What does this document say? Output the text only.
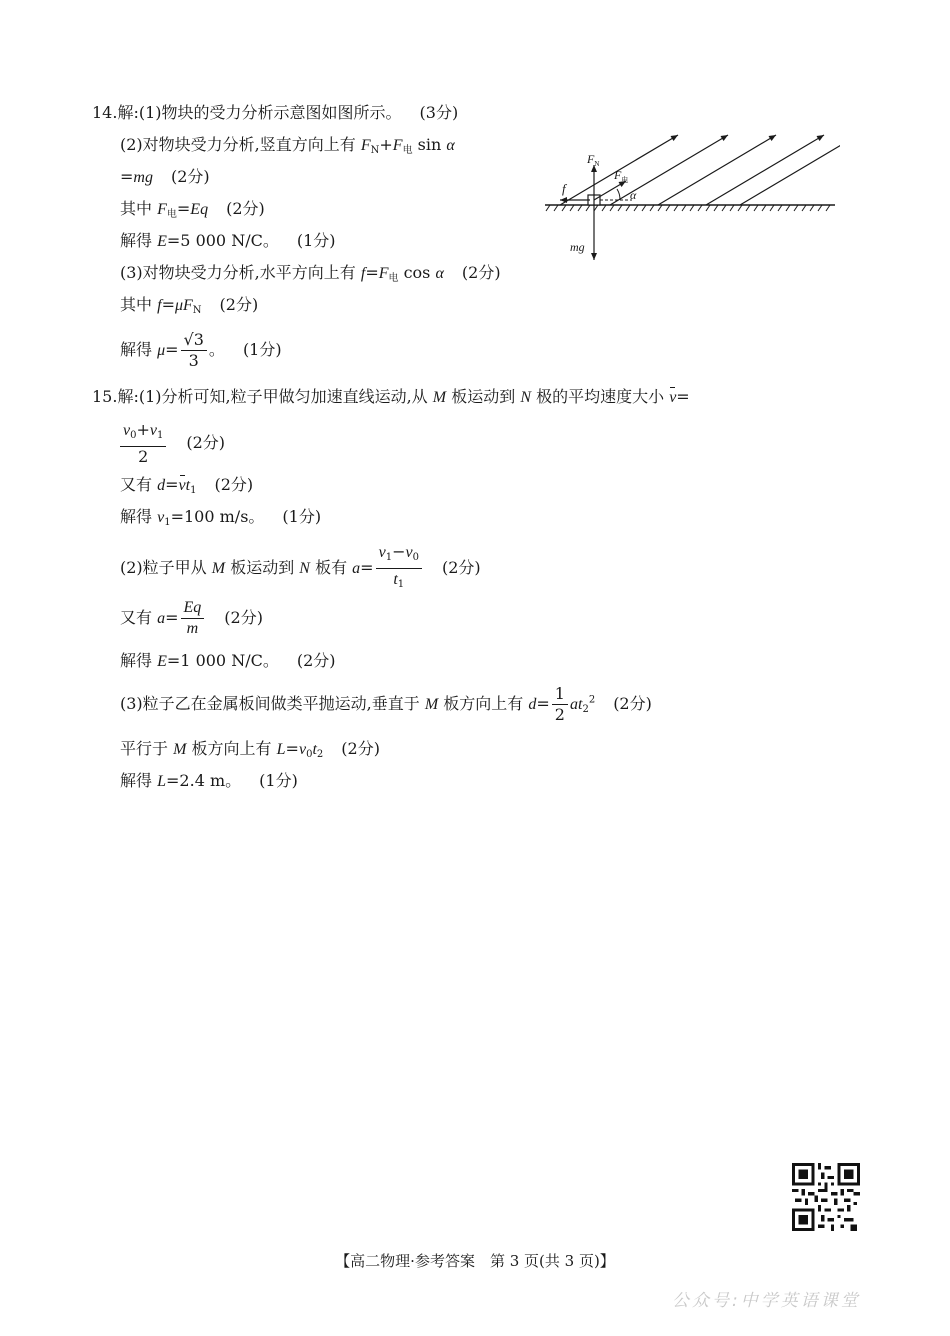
14.解:(1)物块的受力分析示意图如图所示。 (3分)
(2)对物块受力分析,竖直方向上有 $F_N+F_电$ sin α
=mg (2分)
其中 $F_电=Eq$ (2分)
解得 E=5 000 N/C。 (1分)
(3)对物块受力分析,水平方向上有 $f=F_电$ cos α (2分)
其中 $f=\mu F_N$ (2分)
解得 $\mu= \frac{√3}{3}$ 。 (1分)
$F_N$
$F_电$
f	α
mg
15.解:(1)分析可知,粒子甲做匀加速直线运动,从 M 板运动到 N 极的平均速度大小 v=
$\frac{v_0+v_1}{2} (2$分)
又有 $d=vt_1$ (2分)
解得 $v_1=100$ m/s。 (1分)
(2)粒子甲从 M 板运动到 N 板有 $a= \frac{v_1-v_0}{t_1} (2$分)
又有 $a= \frac{Eq}{m} (2$分)
解得 E=1 000 N/C。 (2分)
(3)粒子乙在金属板间做类平抛运动,垂直于 M 板方向上有 $d= \frac{1}{2} at_2^2$ (2分)
平行于 M 板方向上有 $L=v_0t_2$ (2分)
解得 L=2.4 m。 (1分)
【高二物理·参考答案　第 3 页(共 3 页)】
公众号:中学英语课堂
